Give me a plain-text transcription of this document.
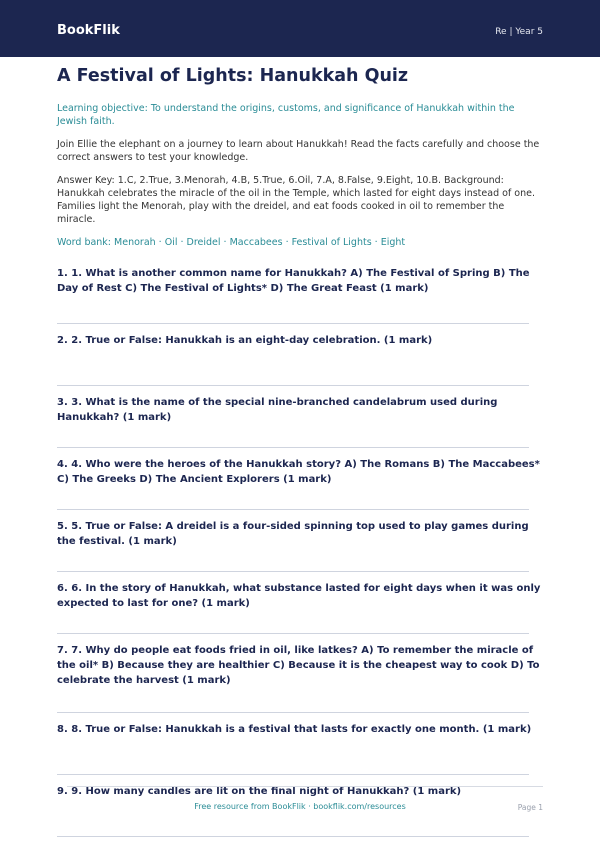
BookFlik	Re | Year 5
A Festival of Lights: Hanukkah Quiz
Learning objective: To understand the origins, customs, and significance of Hanukkah within the Jewish faith.
Join Ellie the elephant on a journey to learn about Hanukkah! Read the facts carefully and choose the correct answers to test your knowledge.
Answer Key: 1.C, 2.True, 3.Menorah, 4.B, 5.True, 6.Oil, 7.A, 8.False, 9.Eight, 10.B. Background: Hanukkah celebrates the miracle of the oil in the Temple, which lasted for eight days instead of one. Families light the Menorah, play with the dreidel, and eat foods cooked in oil to remember the miracle.
Word bank: Menorah · Oil · Dreidel · Maccabees · Festival of Lights · Eight
1. 1. What is another common name for Hanukkah? A) The Festival of Spring B) The Day of Rest C) The Festival of Lights* D) The Great Feast (1 mark)
2. 2. True or False: Hanukkah is an eight-day celebration. (1 mark)
3. 3. What is the name of the special nine-branched candelabrum used during Hanukkah? (1 mark)
4. 4. Who were the heroes of the Hanukkah story? A) The Romans B) The Maccabees* C) The Greeks D) The Ancient Explorers (1 mark)
5. 5. True or False: A dreidel is a four-sided spinning top used to play games during the festival. (1 mark)
6. 6. In the story of Hanukkah, what substance lasted for eight days when it was only expected to last for one? (1 mark)
7. 7. Why do people eat foods fried in oil, like latkes? A) To remember the miracle of the oil* B) Because they are healthier C) Because it is the cheapest way to cook D) To celebrate the harvest (1 mark)
8. 8. True or False: Hanukkah is a festival that lasts for exactly one month. (1 mark)
9. 9. How many candles are lit on the final night of Hanukkah? (1 mark)
Free resource from BookFlik · bookflik.com/resources	Page 1
